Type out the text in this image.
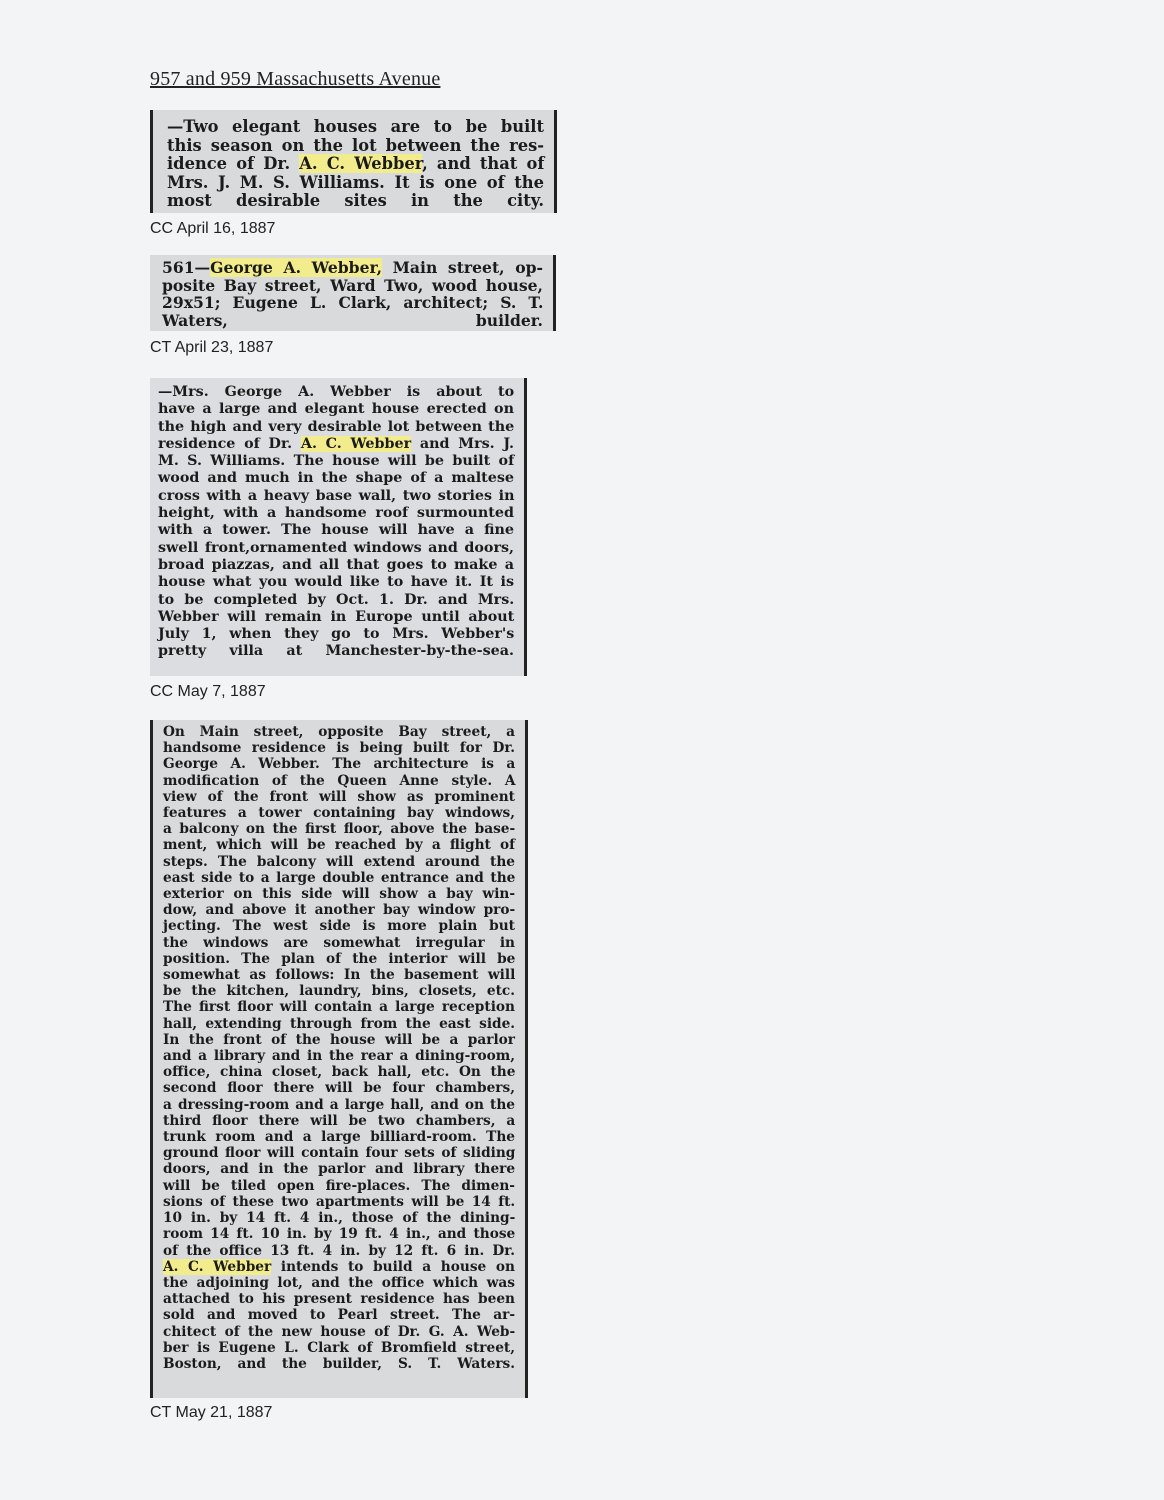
957 and 959 Massachusetts Avenue
—Two elegant houses are to be built
this season on the lot between the res-
idence of Dr. A. C. Webber, and that of
Mrs. J. M. S. Williams. It is one of the
most desirable sites in the city.
CC April 16, 1887
561—George A. Webber, Main street, op-
posite Bay street, Ward Two, wood house,
29x51; Eugene L. Clark, architect; S. T.
Waters, builder.
CT April 23, 1887
—Mrs. George A. Webber is about to
have a large and elegant house erected on
the high and very desirable lot between the
residence of Dr. A. C. Webber and Mrs. J.
M. S. Williams. The house will be built of
wood and much in the shape of a maltese
cross with a heavy base wall, two stories in
height, with a handsome roof surmounted
with a tower. The house will have a fine
swell front,ornamented windows and doors,
broad piazzas, and all that goes to make a
house what you would like to have it. It is
to be completed by Oct. 1. Dr. and Mrs.
Webber will remain in Europe until about
July 1, when they go to Mrs. Webber's
pretty villa at Manchester-by-the-sea.
CC May 7, 1887
On Main street, opposite Bay street, a
handsome residence is being built for Dr.
George A. Webber. The architecture is a
modification of the Queen Anne style. A
view of the front will show as prominent
features a tower containing bay windows,
a balcony on the first floor, above the base-
ment, which will be reached by a flight of
steps. The balcony will extend around the
east side to a large double entrance and the
exterior on this side will show a bay win-
dow, and above it another bay window pro-
jecting. The west side is more plain but
the windows are somewhat irregular in
position. The plan of the interior will be
somewhat as follows: In the basement will
be the kitchen, laundry, bins, closets, etc.
The first floor will contain a large reception
hall, extending through from the east side.
In the front of the house will be a parlor
and a library and in the rear a dining-room,
office, china closet, back hall, etc. On the
second floor there will be four chambers,
a dressing-room and a large hall, and on the
third floor there will be two chambers, a
trunk room and a large billiard-room. The
ground floor will contain four sets of sliding
doors, and in the parlor and library there
will be tiled open fire-places. The dimen-
sions of these two apartments will be 14 ft.
10 in. by 14 ft. 4 in., those of the dining-
room 14 ft. 10 in. by 19 ft. 4 in., and those
of the office 13 ft. 4 in. by 12 ft. 6 in. Dr.
A. C. Webber intends to build a house on
the adjoining lot, and the office which was
attached to his present residence has been
sold and moved to Pearl street. The ar-
chitect of the new house of Dr. G. A. Web-
ber is Eugene L. Clark of Bromfield street,
Boston, and the builder, S. T. Waters.
CT May 21, 1887
